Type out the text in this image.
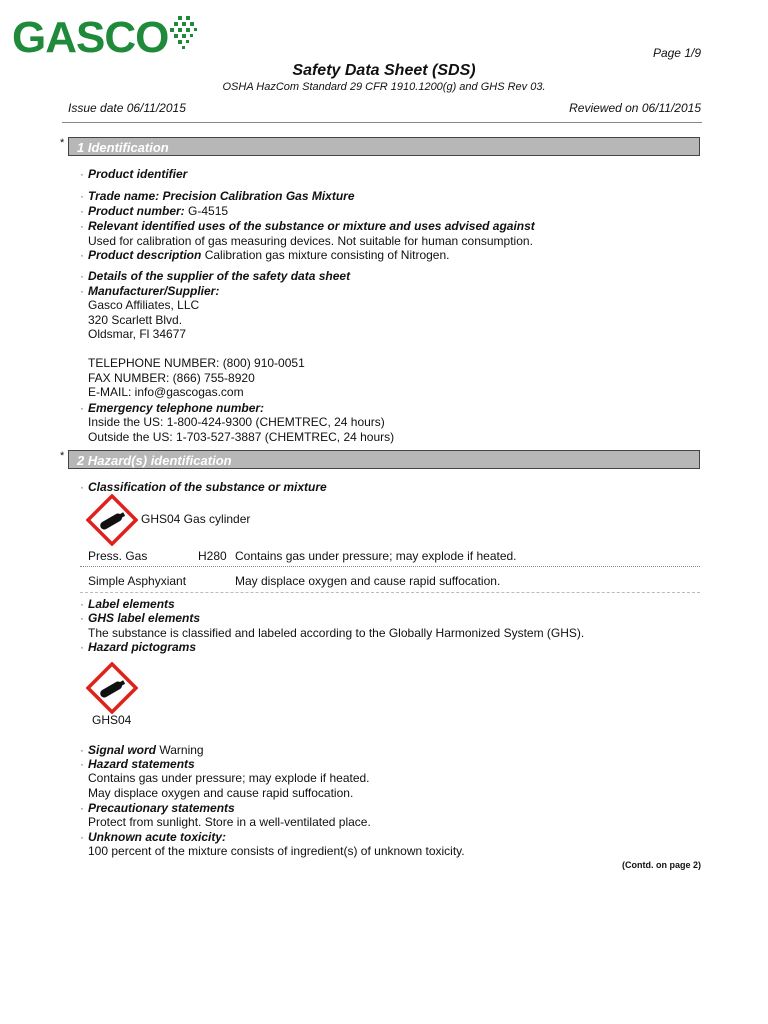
GASCO	Page 1/9
Safety Data Sheet (SDS)
OSHA HazCom Standard 29 CFR 1910.1200(g) and GHS Rev 03.
Issue date 06/11/2015	Reviewed on 06/11/2015
* 1 Identification
· Product identifier
· Trade name: Precision Calibration Gas Mixture
· Product number: G-4515
· Relevant identified uses of the substance or mixture and uses advised against
Used for calibration of gas measuring devices. Not suitable for human consumption.
· Product description Calibration gas mixture consisting of Nitrogen.
· Details of the supplier of the safety data sheet
· Manufacturer/Supplier:
Gasco Affiliates, LLC
320 Scarlett Blvd.
Oldsmar, Fl 34677
TELEPHONE NUMBER: (800) 910-0051
FAX NUMBER: (866) 755-8920
E-MAIL: info@gascogas.com
· Emergency telephone number:
Inside the US: 1-800-424-9300 (CHEMTREC, 24 hours)
Outside the US: 1-703-527-3887 (CHEMTREC, 24 hours)
* 2 Hazard(s) identification
· Classification of the substance or mixture
GHS04 Gas cylinder
Press. Gas	H280 Contains gas under pressure; may explode if heated.
Simple Asphyxiant	May displace oxygen and cause rapid suffocation.
· Label elements
· GHS label elements
The substance is classified and labeled according to the Globally Harmonized System (GHS).
· Hazard pictograms
GHS04
· Signal word Warning
· Hazard statements
Contains gas under pressure; may explode if heated.
May displace oxygen and cause rapid suffocation.
· Precautionary statements
Protect from sunlight. Store in a well-ventilated place.
· Unknown acute toxicity:
100 percent of the mixture consists of ingredient(s) of unknown toxicity.
(Contd. on page 2)
